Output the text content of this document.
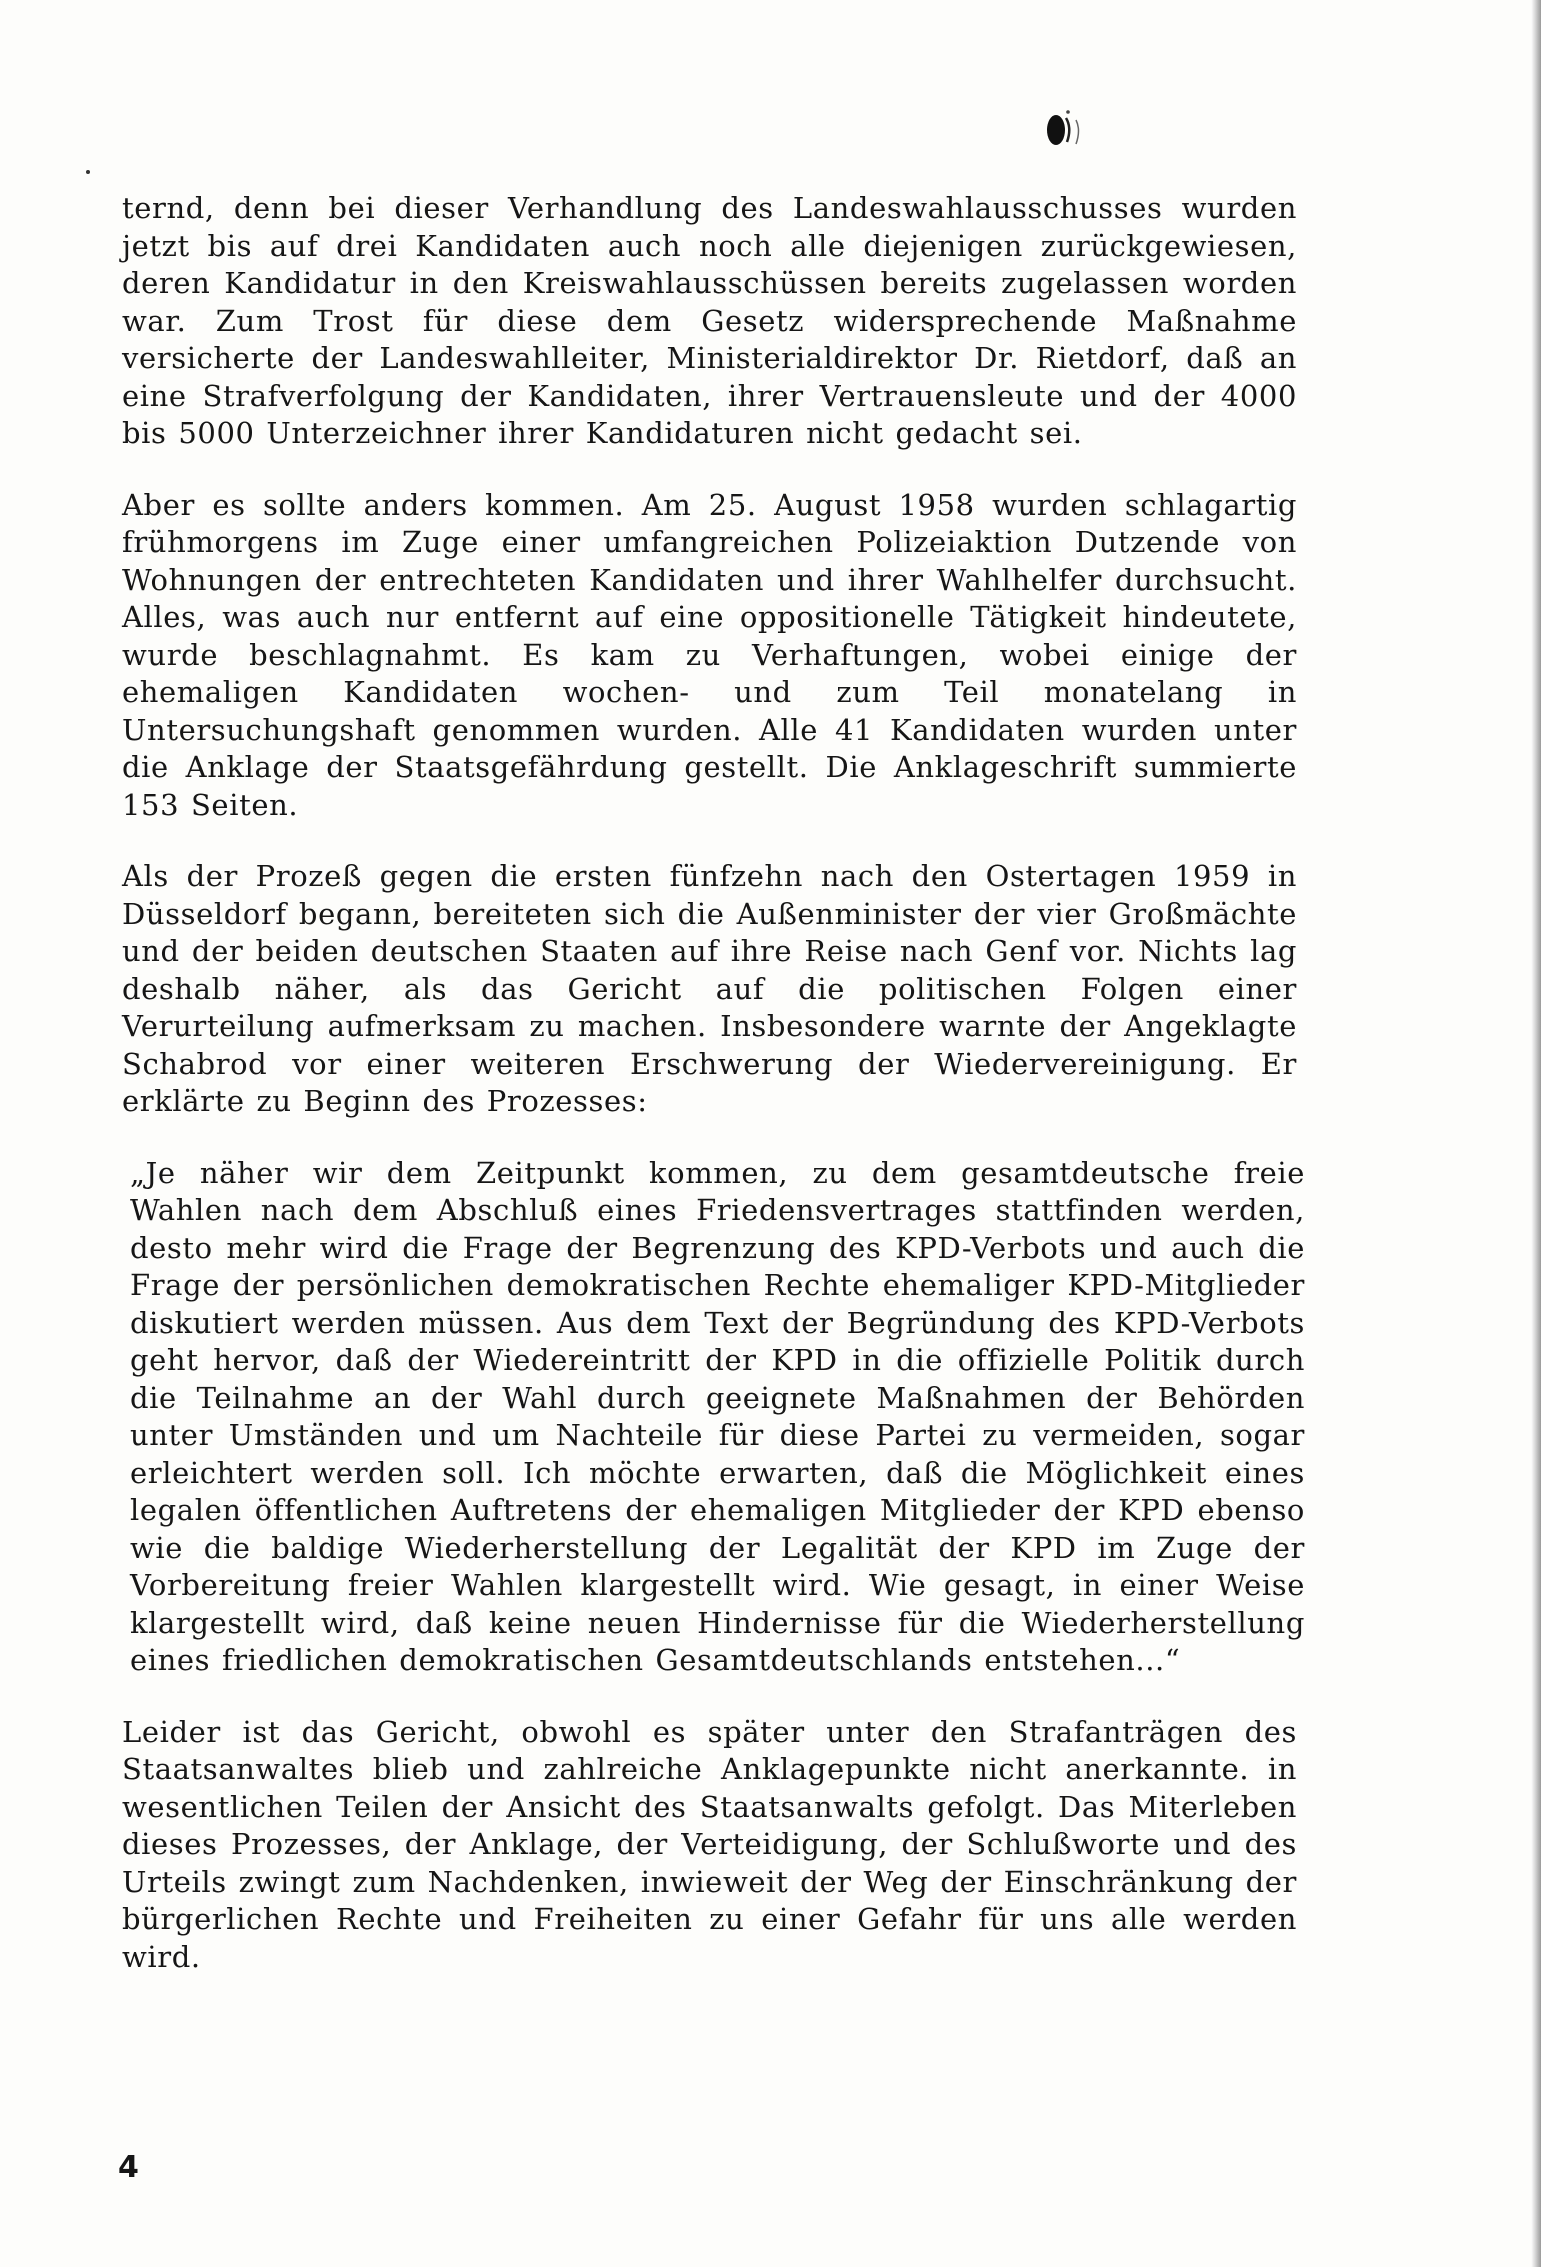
ternd, denn bei dieser Verhandlung des Landeswahlausschusses wurden jetzt bis auf drei Kandidaten auch noch alle diejenigen zurückgewiesen, deren Kandidatur in den Kreiswahlausschüssen bereits zugelassen worden war. Zum Trost für diese dem Gesetz widersprechende Maßnahme versicherte der Landeswahlleiter, Ministerialdirektor Dr. Rietdorf, daß an eine Strafverfolgung der Kandidaten, ihrer Vertrauensleute und der 4000 bis 5000 Unterzeichner ihrer Kandidaturen nicht gedacht sei.

Aber es sollte anders kommen. Am 25. August 1958 wurden schlagartig frühmorgens im Zuge einer umfangreichen Polizeiaktion Dutzende von Wohnungen der entrechteten Kandidaten und ihrer Wahlhelfer durchsucht. Alles, was auch nur entfernt auf eine oppositionelle Tätigkeit hindeutete, wurde beschlagnahmt. Es kam zu Verhaftungen, wobei einige der ehemaligen Kandidaten wochen- und zum Teil monatelang in Untersuchungshaft genommen wurden. Alle 41 Kandidaten wurden unter die Anklage der Staatsgefährdung gestellt. Die Anklageschrift summierte 153 Seiten.

Als der Prozeß gegen die ersten fünfzehn nach den Ostertagen 1959 in Düsseldorf begann, bereiteten sich die Außenminister der vier Großmächte und der beiden deutschen Staaten auf ihre Reise nach Genf vor. Nichts lag deshalb näher, als das Gericht auf die politischen Folgen einer Verurteilung aufmerksam zu machen. Insbesondere warnte der Angeklagte Schabrod vor einer weiteren Erschwerung der Wiedervereinigung. Er erklärte zu Beginn des Prozesses:

„Je näher wir dem Zeitpunkt kommen, zu dem gesamtdeutsche freie Wahlen nach dem Abschluß eines Friedensvertrages stattfinden werden, desto mehr wird die Frage der Begrenzung des KPD-Verbots und auch die Frage der persönlichen demokratischen Rechte ehemaliger KPD-Mitglieder diskutiert werden müssen. Aus dem Text der Begründung des KPD-Verbots geht hervor, daß der Wiedereintritt der KPD in die offizielle Politik durch die Teilnahme an der Wahl durch geeignete Maßnahmen der Behörden unter Umständen und um Nachteile für diese Partei zu vermeiden, sogar erleichtert werden soll. Ich möchte erwarten, daß die Möglichkeit eines legalen öffentlichen Auftretens der ehemaligen Mitglieder der KPD ebenso wie die baldige Wiederherstellung der Legalität der KPD im Zuge der Vorbereitung freier Wahlen klargestellt wird. Wie gesagt, in einer Weise klargestellt wird, daß keine neuen Hindernisse für die Wiederherstellung eines friedlichen demokratischen Gesamtdeutschlands entstehen...“

Leider ist das Gericht, obwohl es später unter den Strafanträgen des Staatsanwaltes blieb und zahlreiche Anklagepunkte nicht anerkannte. in wesentlichen Teilen der Ansicht des Staatsanwalts gefolgt. Das Miterleben dieses Prozesses, der Anklage, der Verteidigung, der Schlußworte und des Urteils zwingt zum Nachdenken, inwieweit der Weg der Einschränkung der bürgerlichen Rechte und Freiheiten zu einer Gefahr für uns alle werden wird.

4
